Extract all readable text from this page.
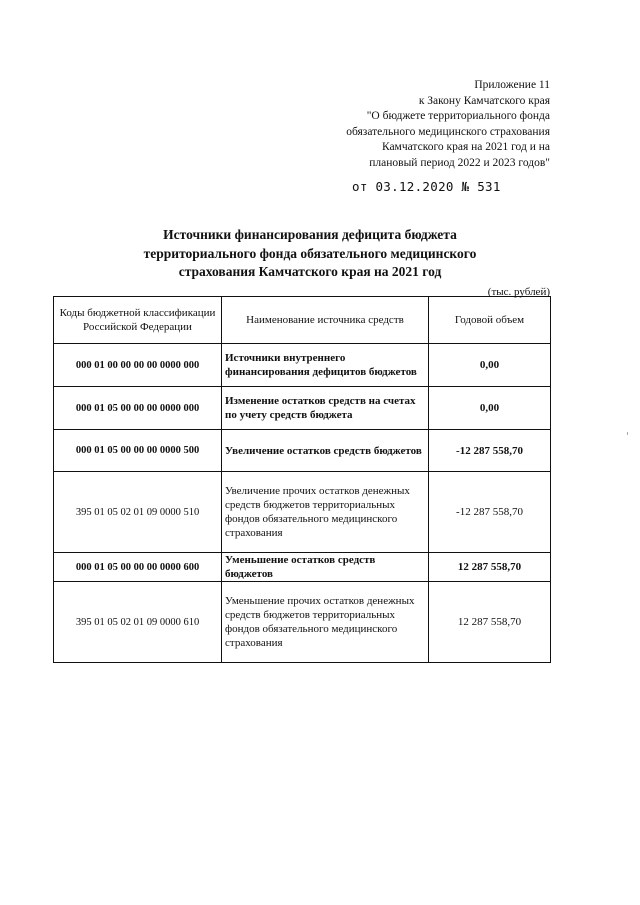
Приложение 11
к Закону Камчатского края
"О бюджете территориального фонда
обязательного медицинского страхования
Камчатского края на 2021 год и на
плановый период 2022 и 2023 годов"
от 03.12.2020 № 531
Источники финансирования дефицита бюджета
территориального фонда обязательного медицинского
страхования Камчатского края на 2021 год
(тыс. рублей)
Коды бюджетной классификации Российской Федерации	Наименование источника средств	Годовой объем
000 01 00 00 00 00 0000 000	Источники внутреннего финансирования дефицитов бюджетов	0,00
000 01 05 00 00 00 0000 000	Изменение остатков средств на счетах по учету средств бюджета	0,00
000 01 05 00 00 00 0000 500	Увеличение остатков средств бюджетов	-12 287 558,70
395 01 05 02 01 09 0000 510	Увеличение прочих остатков денежных средств бюджетов территориальных фондов обязательного медицинского страхования	-12 287 558,70
000 01 05 00 00 00 0000 600	Уменьшение остатков средств бюджетов	12 287 558,70
395 01 05 02 01 09 0000 610	Уменьшение прочих остатков денежных средств бюджетов территориальных фондов обязательного медицинского страхования	12 287 558,70
